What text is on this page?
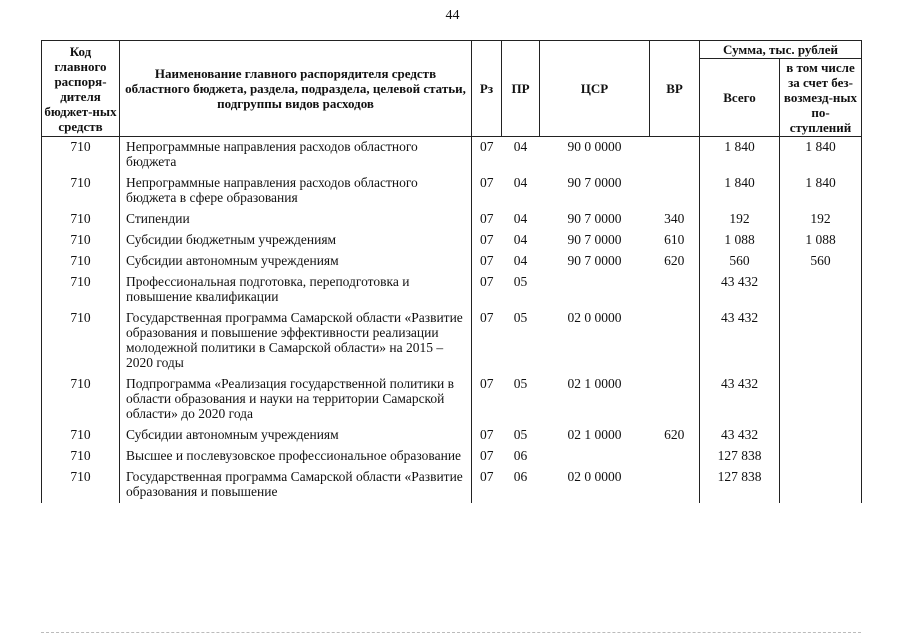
44
Код главного распоря-дителя бюджет-ных средств	Наименование главного распорядителя средств областного бюджета, раздела, подраздела, целевой статьи, подгруппы видов расходов	Рз	ПР	ЦСР	ВР	Сумма, тыс. рублей	
						Всего	в том числе за счет без-возмезд-ных по-ступлений
710	Непрограммные направления расходов областного бюджета	07	04	90 0 0000		1 840	1 840
710	Непрограммные направления расходов областного бюджета в сфере образования	07	04	90 7 0000		1 840	1 840
710	Стипендии	07	04	90 7 0000	340	192	192
710	Субсидии бюджетным учреждениям	07	04	90 7 0000	610	1 088	1 088
710	Субсидии автономным учреждениям	07	04	90 7 0000	620	560	560
710	Профессиональная подготовка, переподготовка и повышение квалификации	07	05			43 432	
710	Государственная программа Самарской области «Развитие образования и повышение эффективности реализации молодежной политики в Самарской области» на 2015 – 2020 годы	07	05	02 0 0000		43 432	
710	Подпрограмма «Реализация государственной политики в области образования и науки на территории Самарской области» до 2020 года	07	05	02 1 0000		43 432	
710	Субсидии автономным учреждениям	07	05	02 1 0000	620	43 432	
710	Высшее и послевузовское профессиональное образование	07	06			127 838	
710	Государственная программа Самарской области «Развитие образования и повышение	07	06	02 0 0000		127 838	
